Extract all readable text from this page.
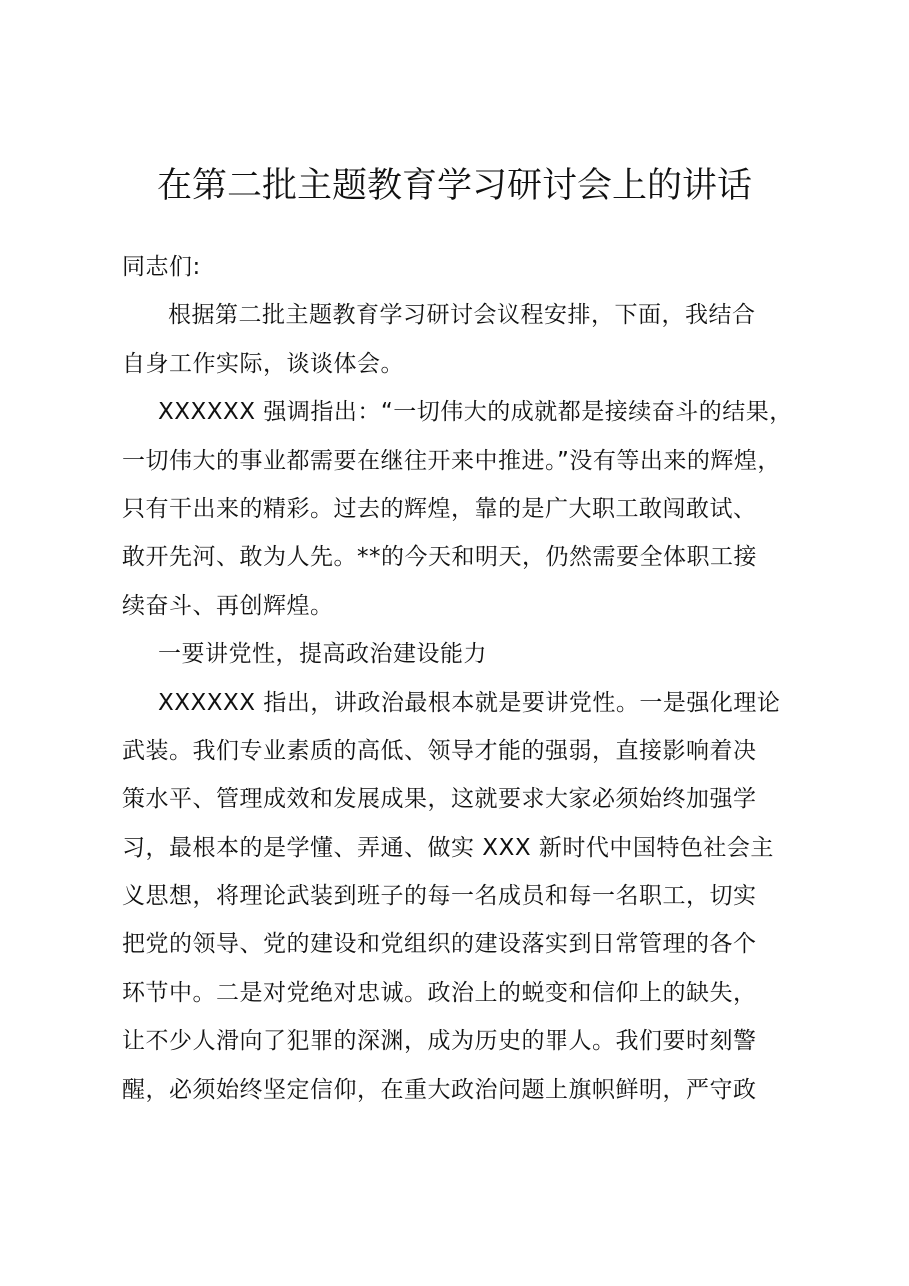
在第二批主题教育学习研讨会上的讲话
同志们:
根据第二批主题教育学习研讨会议程安排，下面，我结合
自身工作实际，谈谈体会。
XXXXXX 强调指出：“一切伟大的成就都是接续奋斗的结果，
一切伟大的事业都需要在继往开来中推进。”没有等出来的辉煌，
只有干出来的精彩。过去的辉煌，靠的是广大职工敢闯敢试、
敢开先河、敢为人先。**的今天和明天，仍然需要全体职工接
续奋斗、再创辉煌。
一要讲党性，提高政治建设能力
XXXXXX 指出，讲政治最根本就是要讲党性。一是强化理论
武装。我们专业素质的高低、领导才能的强弱，直接影响着决
策水平、管理成效和发展成果，这就要求大家必须始终加强学
习，最根本的是学懂、弄通、做实 XXX 新时代中国特色社会主
义思想，将理论武装到班子的每一名成员和每一名职工，切实
把党的领导、党的建设和党组织的建设落实到日常管理的各个
环节中。二是对党绝对忠诚。政治上的蜕变和信仰上的缺失，
让不少人滑向了犯罪的深渊，成为历史的罪人。我们要时刻警
醒，必须始终坚定信仰，在重大政治问题上旗帜鲜明，严守政
